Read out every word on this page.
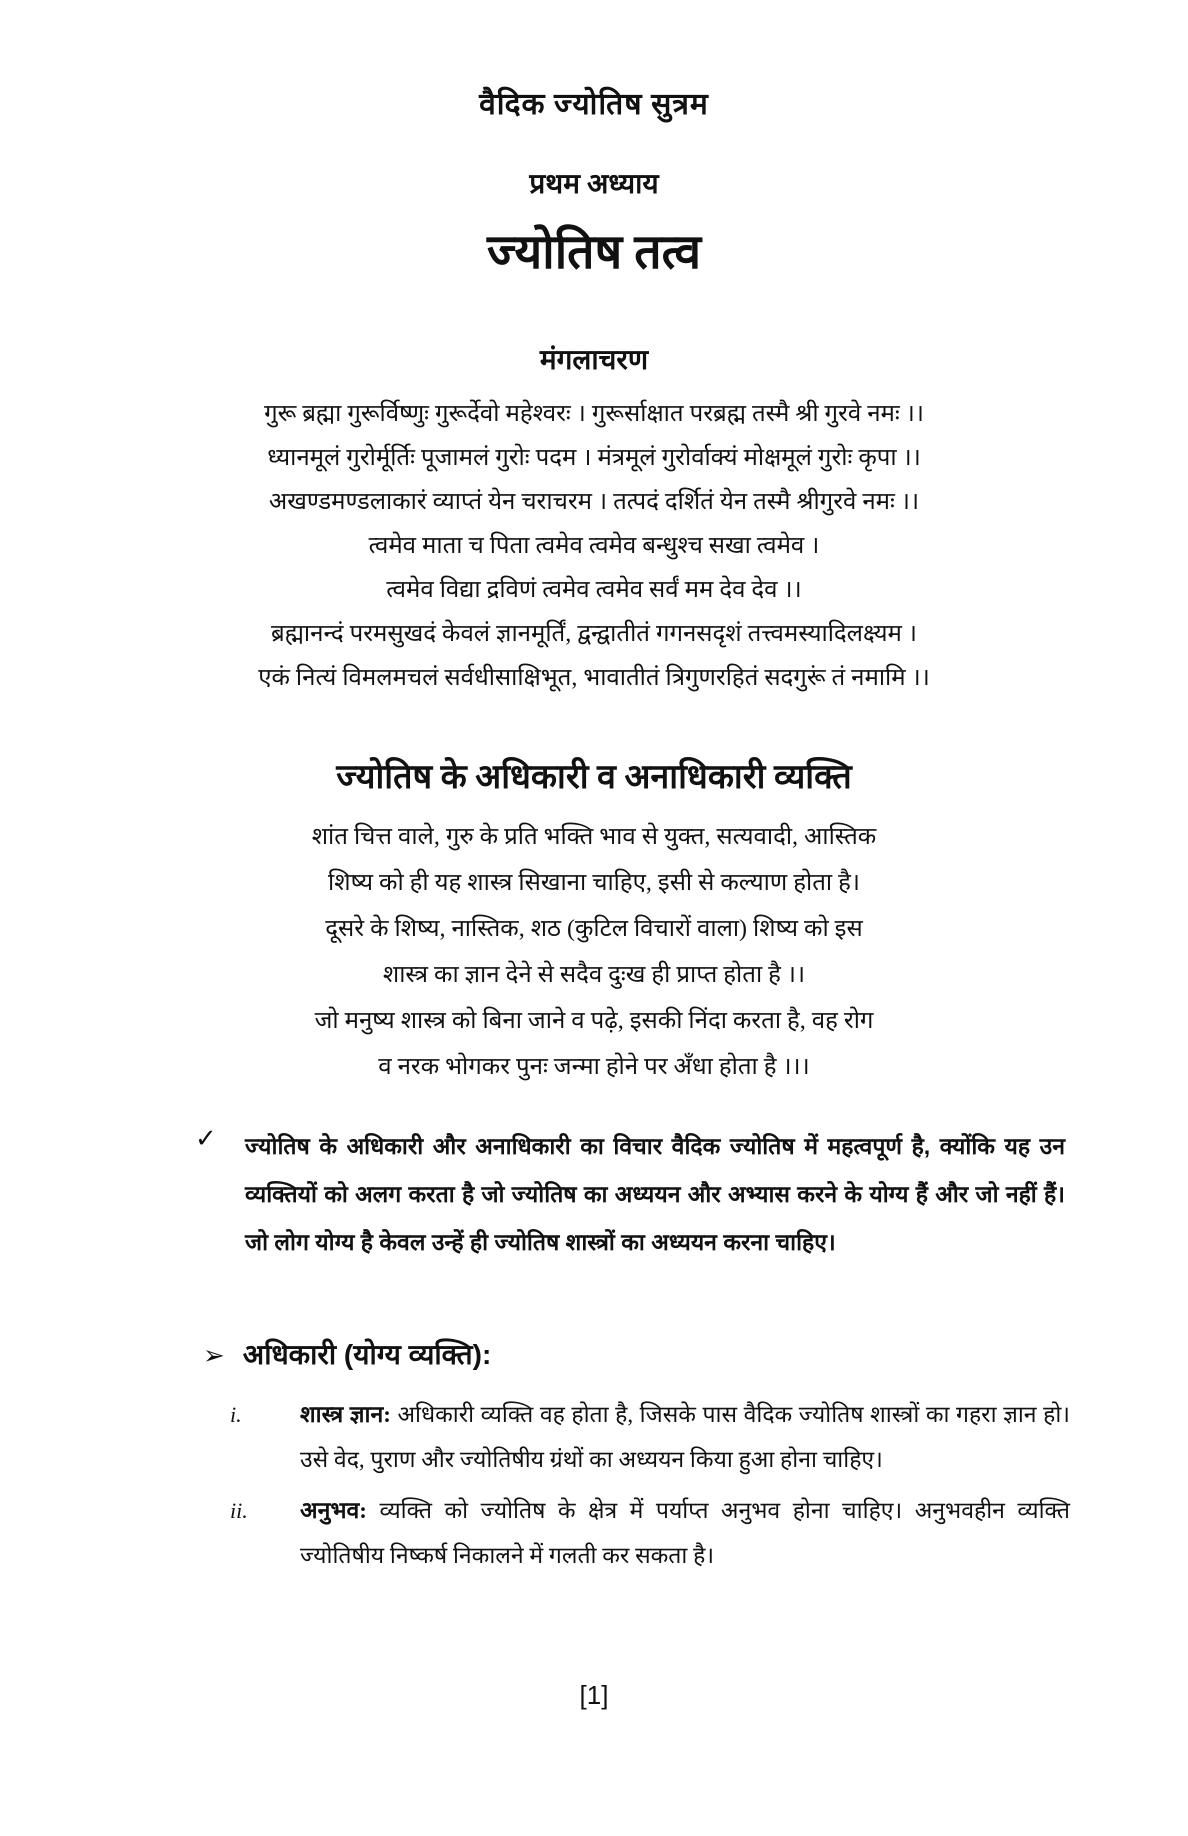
वैदिक ज्योतिष सुत्रम
प्रथम अध्याय
ज्योतिष तत्व
मंगलाचरण
गुरू ब्रह्मा गुरूर्विष्णुः गुरूर्देवो महेश्वरः । गुरूर्साक्षात परब्रह्म तस्मै श्री गुरवे नमः ।।
ध्यानमूलं गुरोर्मूर्तिः पूजामलं गुरोः पदम । मंत्रमूलं गुरोर्वाक्यं मोक्षमूलं गुरोः कृपा ।।
अखण्डमण्डलाकारं व्याप्तं येन चराचरम । तत्पदं दर्शितं येन तस्मै श्रीगुरवे नमः ।।
त्वमेव माता च पिता त्वमेव त्वमेव बन्धुश्च सखा त्वमेव ।
त्वमेव विद्या द्रविणं त्वमेव त्वमेव सर्वं मम देव देव ।।
ब्रह्मानन्दं परमसुखदं केवलं ज्ञानमूर्तिं, द्वन्द्वातीतं गगनसदृशं तत्त्वमस्यादिलक्ष्यम ।
एकं नित्यं विमलमचलं सर्वधीसाक्षिभूत, भावातीतं त्रिगुणरहितं सदगुरूं तं नमामि ।।
ज्योतिष के अधिकारी व अनाधिकारी व्यक्ति
शांत चित्त वाले, गुरु के प्रति भक्ति भाव से युक्त, सत्यवादी, आस्तिक
शिष्य को ही यह शास्त्र सिखाना चाहिए, इसी से कल्याण होता है।
दूसरे के शिष्य, नास्तिक, शठ (कुटिल विचारों वाला) शिष्य को इस
शास्त्र का ज्ञान देने से सदैव दुःख ही प्राप्त होता है ।।
जो मनुष्य शास्त्र को बिना जाने व पढ़े, इसकी निंदा करता है, वह रोग
व नरक भोगकर पुनः जन्मा होने पर अँधा होता है ।।।
✓ ज्योतिष के अधिकारी और अनाधिकारी का विचार वैदिक ज्योतिष में महत्वपूर्ण है, क्योंकि यह उन व्यक्तियों को अलग करता है जो ज्योतिष का अध्ययन और अभ्यास करने के योग्य हैं और जो नहीं हैं। जो लोग योग्य है केवल उन्हें ही ज्योतिष शास्त्रों का अध्ययन करना चाहिए।
➢ अधिकारी (योग्य व्यक्ति):
i.	शास्त्र ज्ञान: अधिकारी व्यक्ति वह होता है, जिसके पास वैदिक ज्योतिष शास्त्रों का गहरा ज्ञान हो। उसे वेद, पुराण और ज्योतिषीय ग्रंथों का अध्ययन किया हुआ होना चाहिए।
ii. अनुभव: व्यक्ति को ज्योतिष के क्षेत्र में पर्याप्त अनुभव होना चाहिए। अनुभवहीन व्यक्ति ज्योतिषीय निष्कर्ष निकालने में गलती कर सकता है।
[1]
